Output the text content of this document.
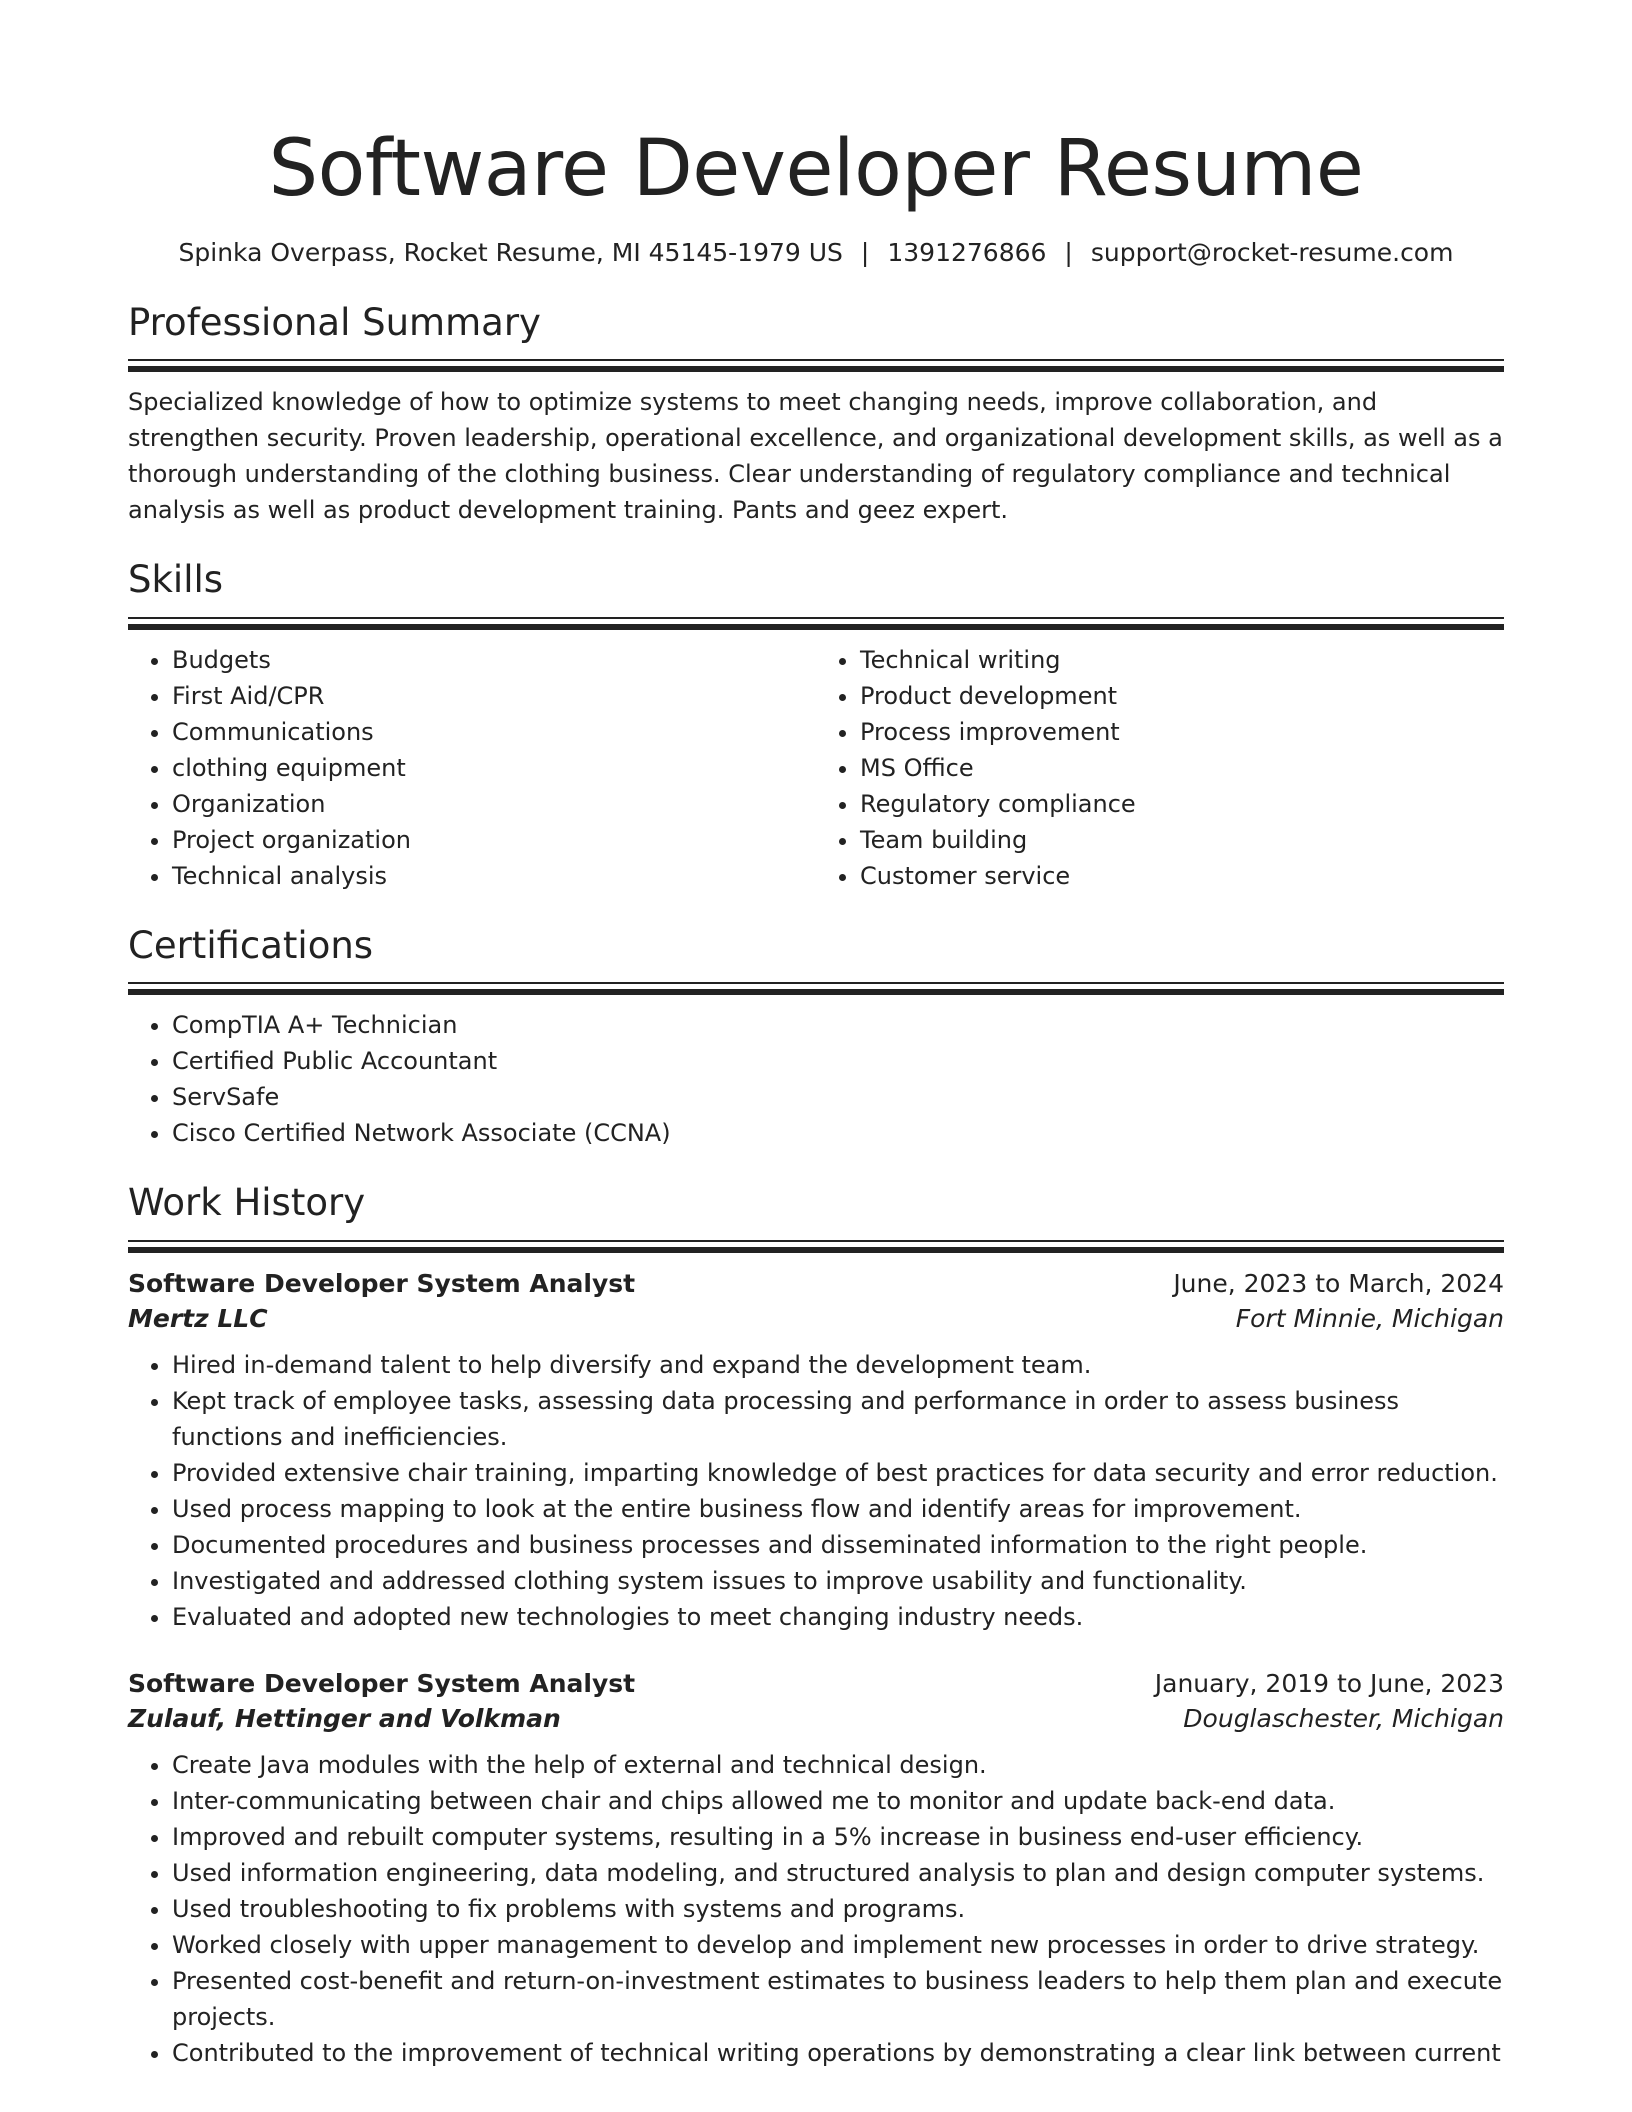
Software Developer Resume
Spinka Overpass, Rocket Resume, MI 45145-1979 US | 1391276866 | support@rocket-resume.com
Professional Summary

Specialized knowledge of how to optimize systems to meet changing needs, improve collaboration, and strengthen security. Proven leadership, operational excellence, and organizational development skills, as well as a thorough understanding of the clothing business. Clear understanding of regulatory compliance and technical analysis as well as product development training. Pants and geez expert.

Skills
• Budgets
• First Aid/CPR
• Communications
• clothing equipment
• Organization
• Project organization
• Technical analysis
• Technical writing
• Product development
• Process improvement
• MS Office
• Regulatory compliance
• Team building
• Customer service
Certifications
• CompTIA A+ Technician
• Certified Public Accountant
• ServSafe
• Cisco Certified Network Associate (CCNA)
Work History
Software Developer System Analyst	June, 2023 to March, 2024
Mertz LLC	Fort Minnie, Michigan
• Hired in-demand talent to help diversify and expand the development team.
• Kept track of employee tasks, assessing data processing and performance in order to assess business functions and inefficiencies.
• Provided extensive chair training, imparting knowledge of best practices for data security and error reduction.
• Used process mapping to look at the entire business flow and identify areas for improvement.
• Documented procedures and business processes and disseminated information to the right people.
• Investigated and addressed clothing system issues to improve usability and functionality.
• Evaluated and adopted new technologies to meet changing industry needs.
Software Developer System Analyst	January, 2019 to June, 2023
Zulauf, Hettinger and Volkman	Douglaschester, Michigan
• Create Java modules with the help of external and technical design.
• Inter-communicating between chair and chips allowed me to monitor and update back-end data.
• Improved and rebuilt computer systems, resulting in a 5% increase in business end-user efficiency.
• Used information engineering, data modeling, and structured analysis to plan and design computer systems.
• Used troubleshooting to fix problems with systems and programs.
• Worked closely with upper management to develop and implement new processes in order to drive strategy.
• Presented cost-benefit and return-on-investment estimates to business leaders to help them plan and execute projects.
• Contributed to the improvement of technical writing operations by demonstrating a clear link between current
